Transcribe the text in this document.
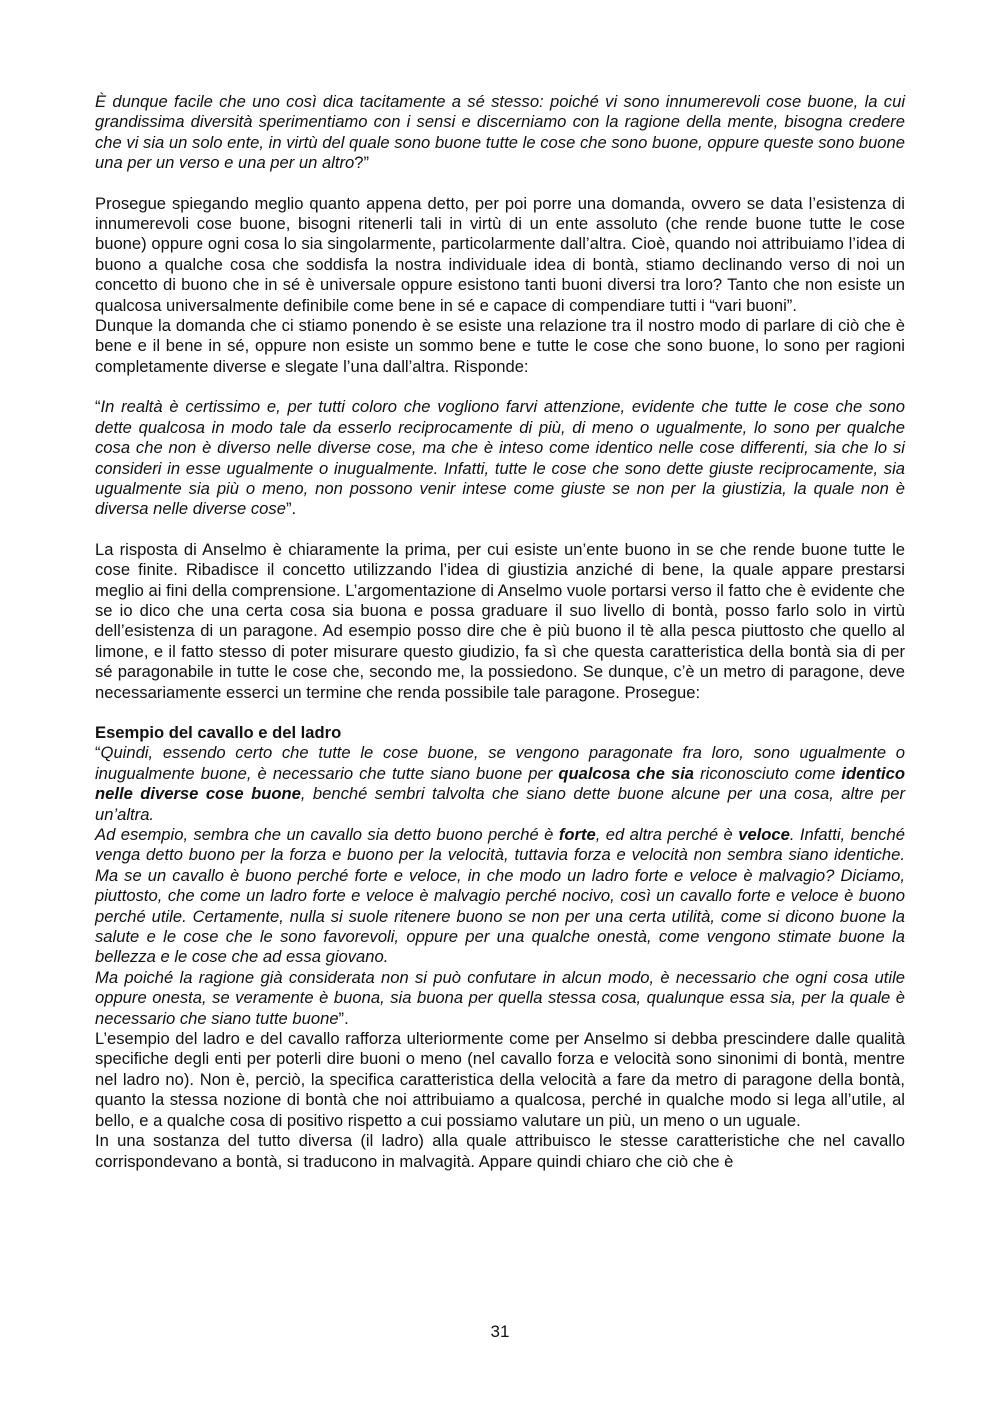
È dunque facile che uno così dica tacitamente a sé stesso: poiché vi sono innumerevoli cose buone, la cui grandissima diversità sperimentiamo con i sensi e discerniamo con la ragione della mente, bisogna credere che vi sia un solo ente, in virtù del quale sono buone tutte le cose che sono buone, oppure queste sono buone una per un verso e una per un altro?”

Prosegue spiegando meglio quanto appena detto, per poi porre una domanda, ovvero se data l’esistenza di innumerevoli cose buone, bisogni ritenerli tali in virtù di un ente assoluto (che rende buone tutte le cose buone) oppure ogni cosa lo sia singolarmente, particolarmente dall’altra. Cioè, quando noi attribuiamo l’idea di buono a qualche cosa che soddisfa la nostra individuale idea di bontà, stiamo declinando verso di noi un concetto di buono che in sé è universale oppure esistono tanti buoni diversi tra loro? Tanto che non esiste un qualcosa universalmente definibile come bene in sé e capace di compendiare tutti i “vari buoni”.

Dunque la domanda che ci stiamo ponendo è se esiste una relazione tra il nostro modo di parlare di ciò che è bene e il bene in sé, oppure non esiste un sommo bene e tutte le cose che sono buone, lo sono per ragioni completamente diverse e slegate l’una dall’altra. Risponde:

“In realtà è certissimo e, per tutti coloro che vogliono farvi attenzione, evidente che tutte le cose che sono dette qualcosa in modo tale da esserlo reciprocamente di più, di meno o ugualmente, lo sono per qualche cosa che non è diverso nelle diverse cose, ma che è inteso come identico nelle cose differenti, sia che lo si consideri in esse ugualmente o inugualmente. Infatti, tutte le cose che sono dette giuste reciprocamente, sia ugualmente sia più o meno, non possono venir intese come giuste se non per la giustizia, la quale non è diversa nelle diverse cose”.

La risposta di Anselmo è chiaramente la prima, per cui esiste un’ente buono in se che rende buone tutte le cose finite. Ribadisce il concetto utilizzando l’idea di giustizia anziché di bene, la quale appare prestarsi meglio ai fini della comprensione. L’argomentazione di Anselmo vuole portarsi verso il fatto che è evidente che se io dico che una certa cosa sia buona e possa graduare il suo livello di bontà, posso farlo solo in virtù dell’esistenza di un paragone. Ad esempio posso dire che è più buono il tè alla pesca piuttosto che quello al limone, e il fatto stesso di poter misurare questo giudizio, fa sì che questa caratteristica della bontà sia di per sé paragonabile in tutte le cose che, secondo me, la possiedono. Se dunque, c’è un metro di paragone, deve necessariamente esserci un termine che renda possibile tale paragone. Prosegue:

Esempio del cavallo e del ladro

“Quindi, essendo certo che tutte le cose buone, se vengono paragonate fra loro, sono ugualmente o inugualmente buone, è necessario che tutte siano buone per qualcosa che sia riconosciuto come identico nelle diverse cose buone, benché sembri talvolta che siano dette buone alcune per una cosa, altre per un’altra.

Ad esempio, sembra che un cavallo sia detto buono perché è forte, ed altra perché è veloce. Infatti, benché venga detto buono per la forza e buono per la velocità, tuttavia forza e velocità non sembra siano identiche. Ma se un cavallo è buono perché forte e veloce, in che modo un ladro forte e veloce è malvagio? Diciamo, piuttosto, che come un ladro forte e veloce è malvagio perché nocivo, così un cavallo forte e veloce è buono perché utile. Certamente, nulla si suole ritenere buono se non per una certa utilità, come si dicono buone la salute e le cose che le sono favorevoli, oppure per una qualche onestà, come vengono stimate buone la bellezza e le cose che ad essa giovano.

Ma poiché la ragione già considerata non si può confutare in alcun modo, è necessario che ogni cosa utile oppure onesta, se veramente è buona, sia buona per quella stessa cosa, qualunque essa sia, per la quale è necessario che siano tutte buone”.

L’esempio del ladro e del cavallo rafforza ulteriormente come per Anselmo si debba prescindere dalle qualità specifiche degli enti per poterli dire buoni o meno (nel cavallo forza e velocità sono sinonimi di bontà, mentre nel ladro no). Non è, perciò, la specifica caratteristica della velocità a fare da metro di paragone della bontà, quanto la stessa nozione di bontà che noi attribuiamo a qualcosa, perché in qualche modo si lega all’utile, al bello, e a qualche cosa di positivo rispetto a cui possiamo valutare un più, un meno o un uguale.

In una sostanza del tutto diversa (il ladro) alla quale attribuisco le stesse caratteristiche che nel cavallo corrispondevano a bontà, si traducono in malvagità. Appare quindi chiaro che ciò che è

31
